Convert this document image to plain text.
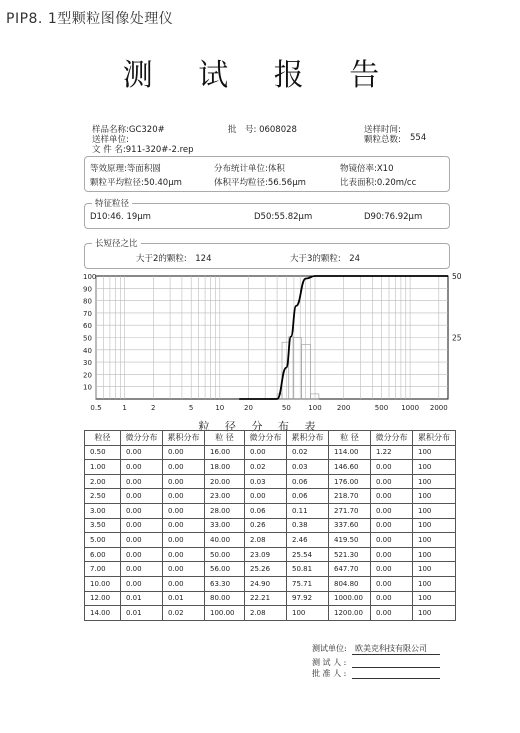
PIP8. 1型颗粒图像处理仪
测 试 报 告
样品名称:GC320#	批　号: 0608028	送样时间:
送样单位:	颗粒总数: 554
文 件 名:911-320#-2.rep
等效原理:等面积圆	分布统计单位:体积	物镜倍率:X10
颗粒平均粒径:50.40μm	体积平均粒径:56.56μm	比表面积:0.20m/cc
特征粒径
D10:46. 19μm	D50:55.82μm	D90:76.92μm
长短径之比
大于2的颗粒:　124	大于3的颗粒:　24
100
90
80
70
60
50
40
30
20
10
0.5	1	2	5	10	20	50 100 200	500 1000 2000
50
25
粒 径 分 布 表
粒径	微分分布	累积分布	粒 径	微分分布	累积分布	粒 径	微分分布	累积分布
0.50	0.00	0.00	16.00	0.00	0.02	114.00	1.22	100
1.00	0.00	0.00	18.00	0.02	0.03	146.60	0.00	100
2.00	0.00	0.00	20.00	0.03	0.06	176.00	0.00	100
2.50	0.00	0.00	23.00	0.00	0.06	218.70	0.00	100
3.00	0.00	0.00	28.00	0.06	0.11	271.70	0.00	100
3.50	0.00	0.00	33.00	0.26	0.38	337.60	0.00	100
5.00	0.00	0.00	40.00	2.08	2.46	419.50	0.00	100
6.00	0.00	0.00	50.00	23.09	25.54	521.30	0.00	100
7.00	0.00	0.00	56.00	25.26	50.81	647.70	0.00	100
10.00	0.00	0.00	63.30	24.90	75.71	804.80	0.00	100
12.00	0.01	0.01	80.00	22.21	97.92	1000.00	0.00	100
14.00	0.01	0.02	100.00	2.08	100	1200.00	0.00	100
测试单位: 欧美克科技有限公司
测 试 人 :
批 准 人 :
